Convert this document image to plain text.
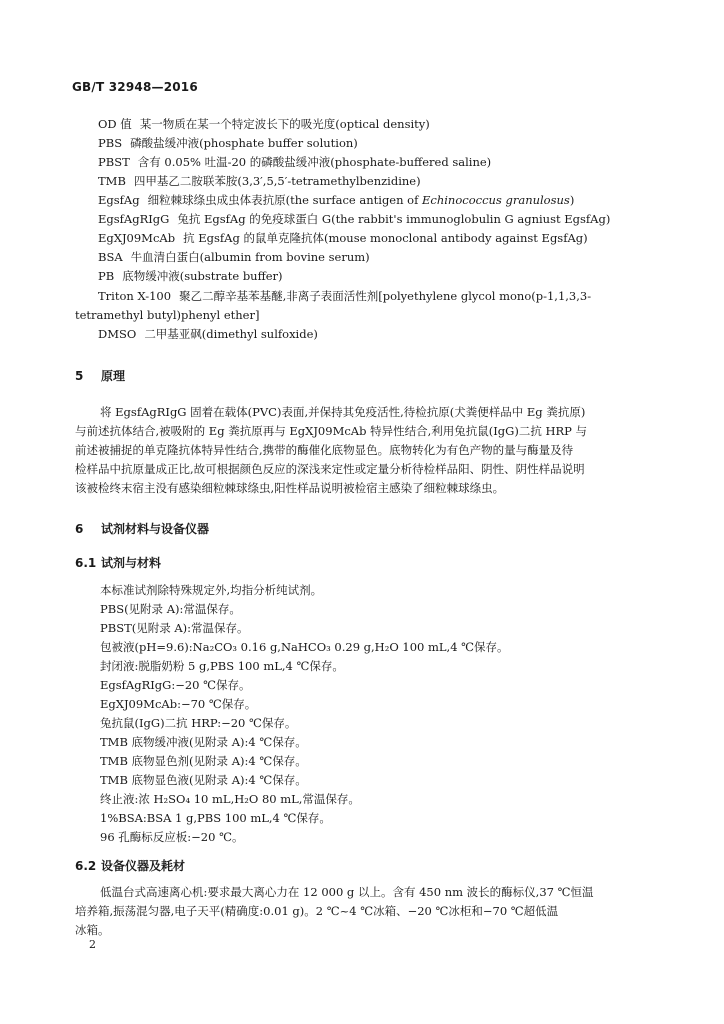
GB/T 32948—2016
OD 值 某一物质在某一个特定波长下的吸光度(optical density)
PBS 磷酸盐缓冲液(phosphate buffer solution)
PBST 含有 0.05% 吐温-20 的磷酸盐缓冲液(phosphate-buffered saline)
TMB 四甲基乙二胺联苯胺(3,3′,5,5′-tetramethylbenzidine)
EgsfAg 细粒棘球绦虫成虫体表抗原(the surface antigen of Echinococcus granulosus)
EgsfAgRIgG 兔抗 EgsfAg 的免疫球蛋白 G(the rabbit's immunoglobulin G agniust EgsfAg)
EgXJ09McAb 抗 EgsfAg 的鼠单克隆抗体(mouse monoclonal antibody against EgsfAg)
BSA 牛血清白蛋白(albumin from bovine serum)
PB 底物缓冲液(substrate buffer)
Triton X-100 聚乙二醇辛基苯基醚,非离子表面活性剂[polyethylene glycol mono(p-1,1,3,3-
tetramethyl butyl)phenyl ether]
DMSO 二甲基亚砜(dimethyl sulfoxide)
5 原理
将 EgsfAgRIgG 固着在载体(PVC)表面,并保持其免疫活性,待检抗原(犬粪便样品中 Eg 粪抗原)
与前述抗体结合,被吸附的 Eg 粪抗原再与 EgXJ09McAb 特异性结合,利用兔抗鼠(IgG)二抗 HRP 与
前述被捕捉的单克隆抗体特异性结合,携带的酶催化底物显色。底物转化为有色产物的量与酶量及待
检样品中抗原量成正比,故可根据颜色反应的深浅来定性或定量分析待检样品阳、阴性、阴性样品说明
该被检终末宿主没有感染细粒棘球绦虫,阳性样品说明被检宿主感染了细粒棘球绦虫。
6 试剂材料与设备仪器
6.1 试剂与材料
本标准试剂除特殊规定外,均指分析纯试剂。
PBS(见附录 A):常温保存。
PBST(见附录 A):常温保存。
包被液(pH=9.6):Na₂CO₃ 0.16 g,NaHCO₃ 0.29 g,H₂O 100 mL,4 ℃保存。
封闭液:脱脂奶粉 5 g,PBS 100 mL,4 ℃保存。
EgsfAgRIgG:−20 ℃保存。
EgXJ09McAb:−70 ℃保存。
兔抗鼠(IgG)二抗 HRP:−20 ℃保存。
TMB 底物缓冲液(见附录 A):4 ℃保存。
TMB 底物显色剂(见附录 A):4 ℃保存。
TMB 底物显色液(见附录 A):4 ℃保存。
终止液:浓 H₂SO₄ 10 mL,H₂O 80 mL,常温保存。
1%BSA:BSA 1 g,PBS 100 mL,4 ℃保存。
96 孔酶标反应板:−20 ℃。
6.2 设备仪器及耗材
低温台式高速离心机:要求最大离心力在 12 000 g 以上。含有 450 nm 波长的酶标仪,37 ℃恒温
培养箱,振荡混匀器,电子天平(精确度:0.01 g)。2 ℃~4 ℃冰箱、−20 ℃冰柜和−70 ℃超低温
冰箱。
2
